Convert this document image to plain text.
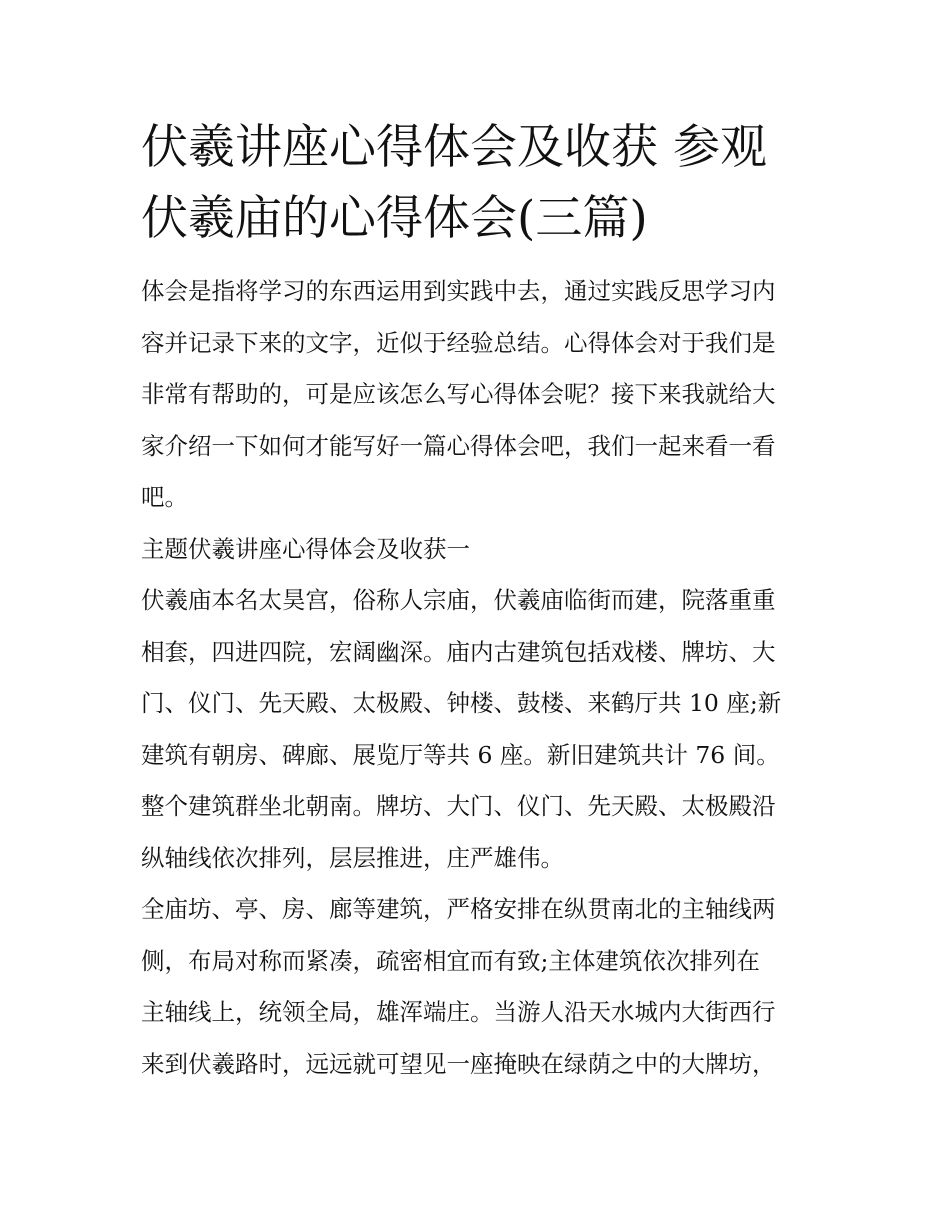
伏羲讲座心得体会及收获 参观
伏羲庙的心得体会(三篇)
体会是指将学习的东西运用到实践中去，通过实践反思学习内
容并记录下来的文字，近似于经验总结。心得体会对于我们是
非常有帮助的，可是应该怎么写心得体会呢？接下来我就给大
家介绍一下如何才能写好一篇心得体会吧，我们一起来看一看
吧。
主题伏羲讲座心得体会及收获一
伏羲庙本名太昊宫，俗称人宗庙，伏羲庙临街而建，院落重重
相套，四进四院，宏阔幽深。庙内古建筑包括戏楼、牌坊、大
门、仪门、先天殿、太极殿、钟楼、鼓楼、来鹤厅共 10 座;新
建筑有朝房、碑廊、展览厅等共 6 座。新旧建筑共计 76 间。
整个建筑群坐北朝南。牌坊、大门、仪门、先天殿、太极殿沿
纵轴线依次排列，层层推进，庄严雄伟。
全庙坊、亭、房、廊等建筑，严格安排在纵贯南北的主轴线两
侧，布局对称而紧凑，疏密相宜而有致;主体建筑依次排列在
主轴线上，统领全局，雄浑端庄。当游人沿天水城内大街西行
来到伏羲路时，远远就可望见一座掩映在绿荫之中的大牌坊，
